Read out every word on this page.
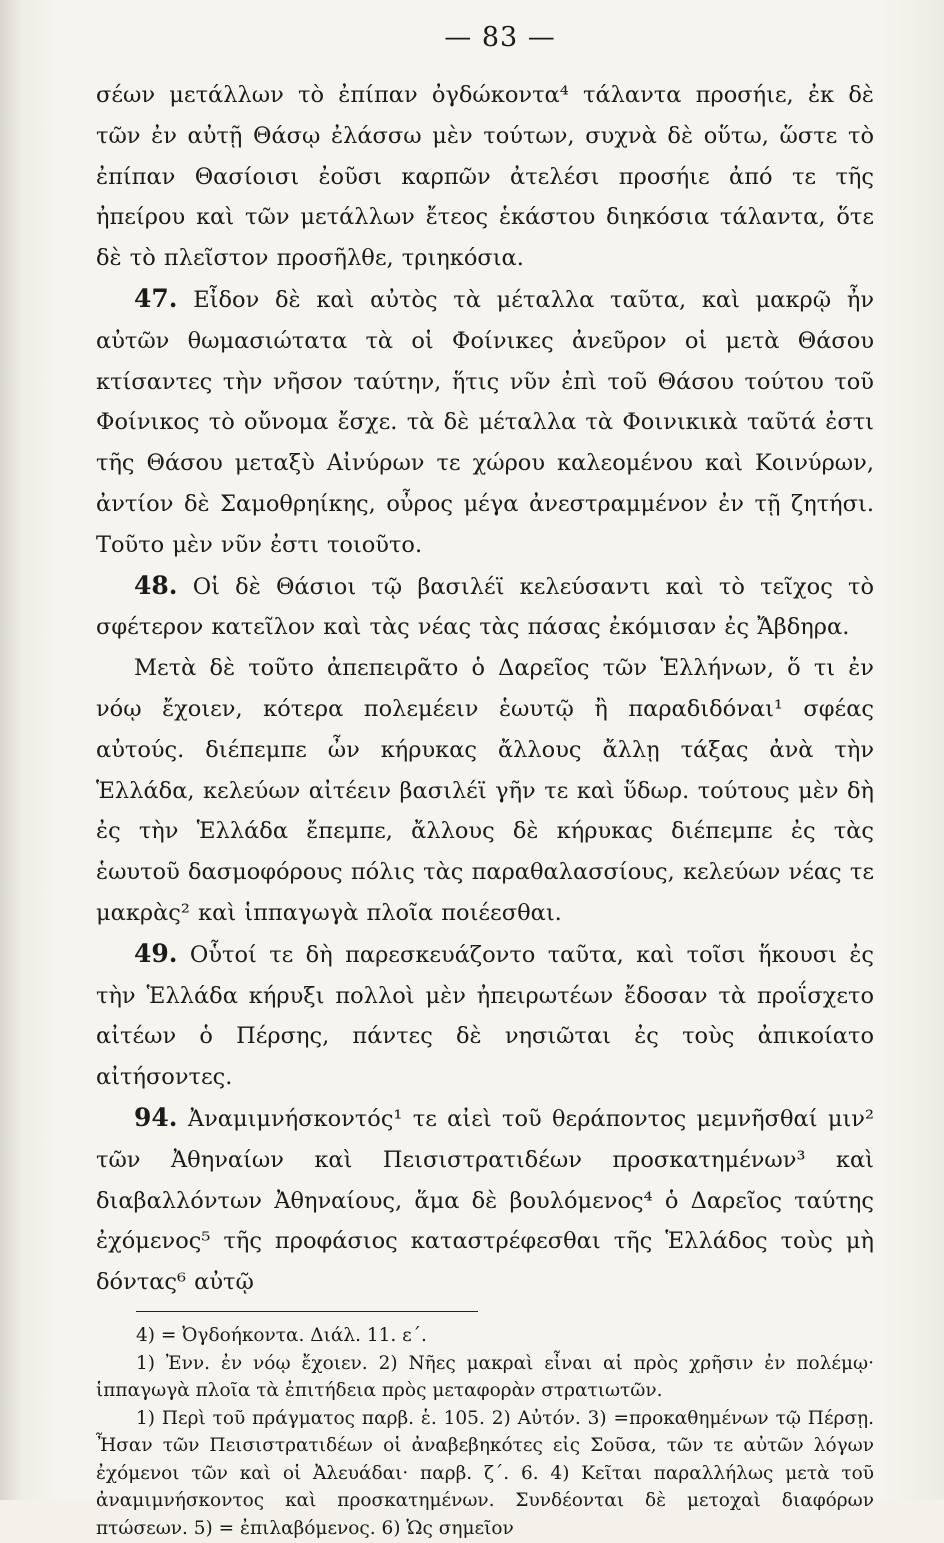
— 83 —

σέων μετάλλων τὸ ἐπίπαν ὀγδώκοντα⁴ τάλαντα προσήιε, ἐκ δὲ τῶν ἐν αὐτῇ Θάσῳ ἐλάσσω μὲν τούτων, συχνὰ δὲ οὕτω, ὥστε τὸ ἐπίπαν Θασίοισι ἐοῦσι καρπῶν ἀτελέσι προσήιε ἀπό τε τῆς ἠπείρου καὶ τῶν μετάλλων ἔτεος ἑκάστου διηκόσια τάλαντα, ὅτε δὲ τὸ πλεῖστον προσῆλθε, τριηκόσια.

47. Εἶδον δὲ καὶ αὐτὸς τὰ μέταλλα ταῦτα, καὶ μακρῷ ἦν αὐτῶν θωμασιώτατα τὰ οἱ Φοίνικες ἀνεῦρον οἱ μετὰ Θάσου κτίσαντες τὴν νῆσον ταύτην, ἥτις νῦν ἐπὶ τοῦ Θάσου τούτου τοῦ Φοίνικος τὸ οὔνομα ἔσχε. τὰ δὲ μέταλλα τὰ Φοινικικὰ ταῦτά ἐστι τῆς Θάσου μεταξὺ Αἰνύρων τε χώρου καλεομένου καὶ Κοινύρων, ἀντίον δὲ Σαμοθρηίκης, οὖρος μέγα ἀνεστραμμένον ἐν τῇ ζητήσι. Τοῦτο μὲν νῦν ἐστι τοιοῦτο.

48. Οἱ δὲ Θάσιοι τῷ βασιλέϊ κελεύσαντι καὶ τὸ τεῖχος τὸ σφέτερον κατεῖλον καὶ τὰς νέας τὰς πάσας ἐκόμισαν ἐς Ἄβδηρα.

Μετὰ δὲ τοῦτο ἀπεπειρᾶτο ὁ Δαρεῖος τῶν Ἑλλήνων, ὅ τι ἐν νόῳ ἔχοιεν, κότερα πολεμέειν ἑωυτῷ ἢ παραδιδόναι¹ σφέας αὐτούς. διέπεμπε ὦν κήρυκας ἄλλους ἄλλῃ τάξας ἀνὰ τὴν Ἑλλάδα, κελεύων αἰτέειν βασιλέϊ γῆν τε καὶ ὕδωρ. τούτους μὲν δὴ ἐς τὴν Ἑλλάδα ἔπεμπε, ἄλλους δὲ κήρυκας διέπεμπε ἐς τὰς ἑωυτοῦ δασμοφόρους πόλις τὰς παραθαλασσίους, κελεύων νέας τε μακρὰς² καὶ ἱππαγωγὰ πλοῖα ποιέεσθαι.

49. Οὗτοί τε δὴ παρεσκευάζοντο ταῦτα, καὶ τοῖσι ἥκουσι ἐς τὴν Ἑλλάδα κήρυξι πολλοὶ μὲν ἠπειρωτέων ἔδοσαν τὰ προΐσχετο αἰτέων ὁ Πέρσης, πάντες δὲ νησιῶται ἐς τοὺς ἀπικοίατο αἰτήσοντες.

94. Ἀναμιμνήσκοντός¹ τε αἰεὶ τοῦ θεράποντος μεμνῆσθαί μιν² τῶν Ἀθηναίων καὶ Πεισιστρατιδέων προσκατημένων³ καὶ διαβαλλόντων Ἀθηναίους, ἅμα δὲ βουλόμενος⁴ ὁ Δαρεῖος ταύτης ἐχόμενος⁵ τῆς προφάσιος καταστρέφεσθαι τῆς Ἑλλάδος τοὺς μὴ δόντας⁶ αὐτῷ

4) = Ὀγδοήκοντα. Διάλ. 11. ε΄.

1) Ἐνν. ἐν νόῳ ἔχοιεν. 2) Νῆες μακραὶ εἶναι αἱ πρὸς χρῆσιν ἐν πολέμῳ· ἱππαγωγὰ πλοῖα τὰ ἐπιτήδεια πρὸς μεταφορὰν στρατιωτῶν.

1) Περὶ τοῦ πράγματος παρβ. ἑ. 105. 2) Αὐτόν. 3) =προκαθημένων τῷ Πέρσῃ. Ἦσαν τῶν Πεισιστρατιδέων οἱ ἀναβεβηκότες εἰς Σοῦσα, τῶν τε αὐτῶν λόγων ἐχόμενοι τῶν καὶ οἱ Ἀλευάδαι· παρβ. ζ΄. 6. 4) Κεῖται παραλλήλως μετὰ τοῦ ἀναμιμνήσκοντος καὶ προσκατημένων. Συνδέονται δὲ μετοχαὶ διαφόρων πτώσεων. 5) = ἐπιλαβόμενος. 6) Ὡς σημεῖον
